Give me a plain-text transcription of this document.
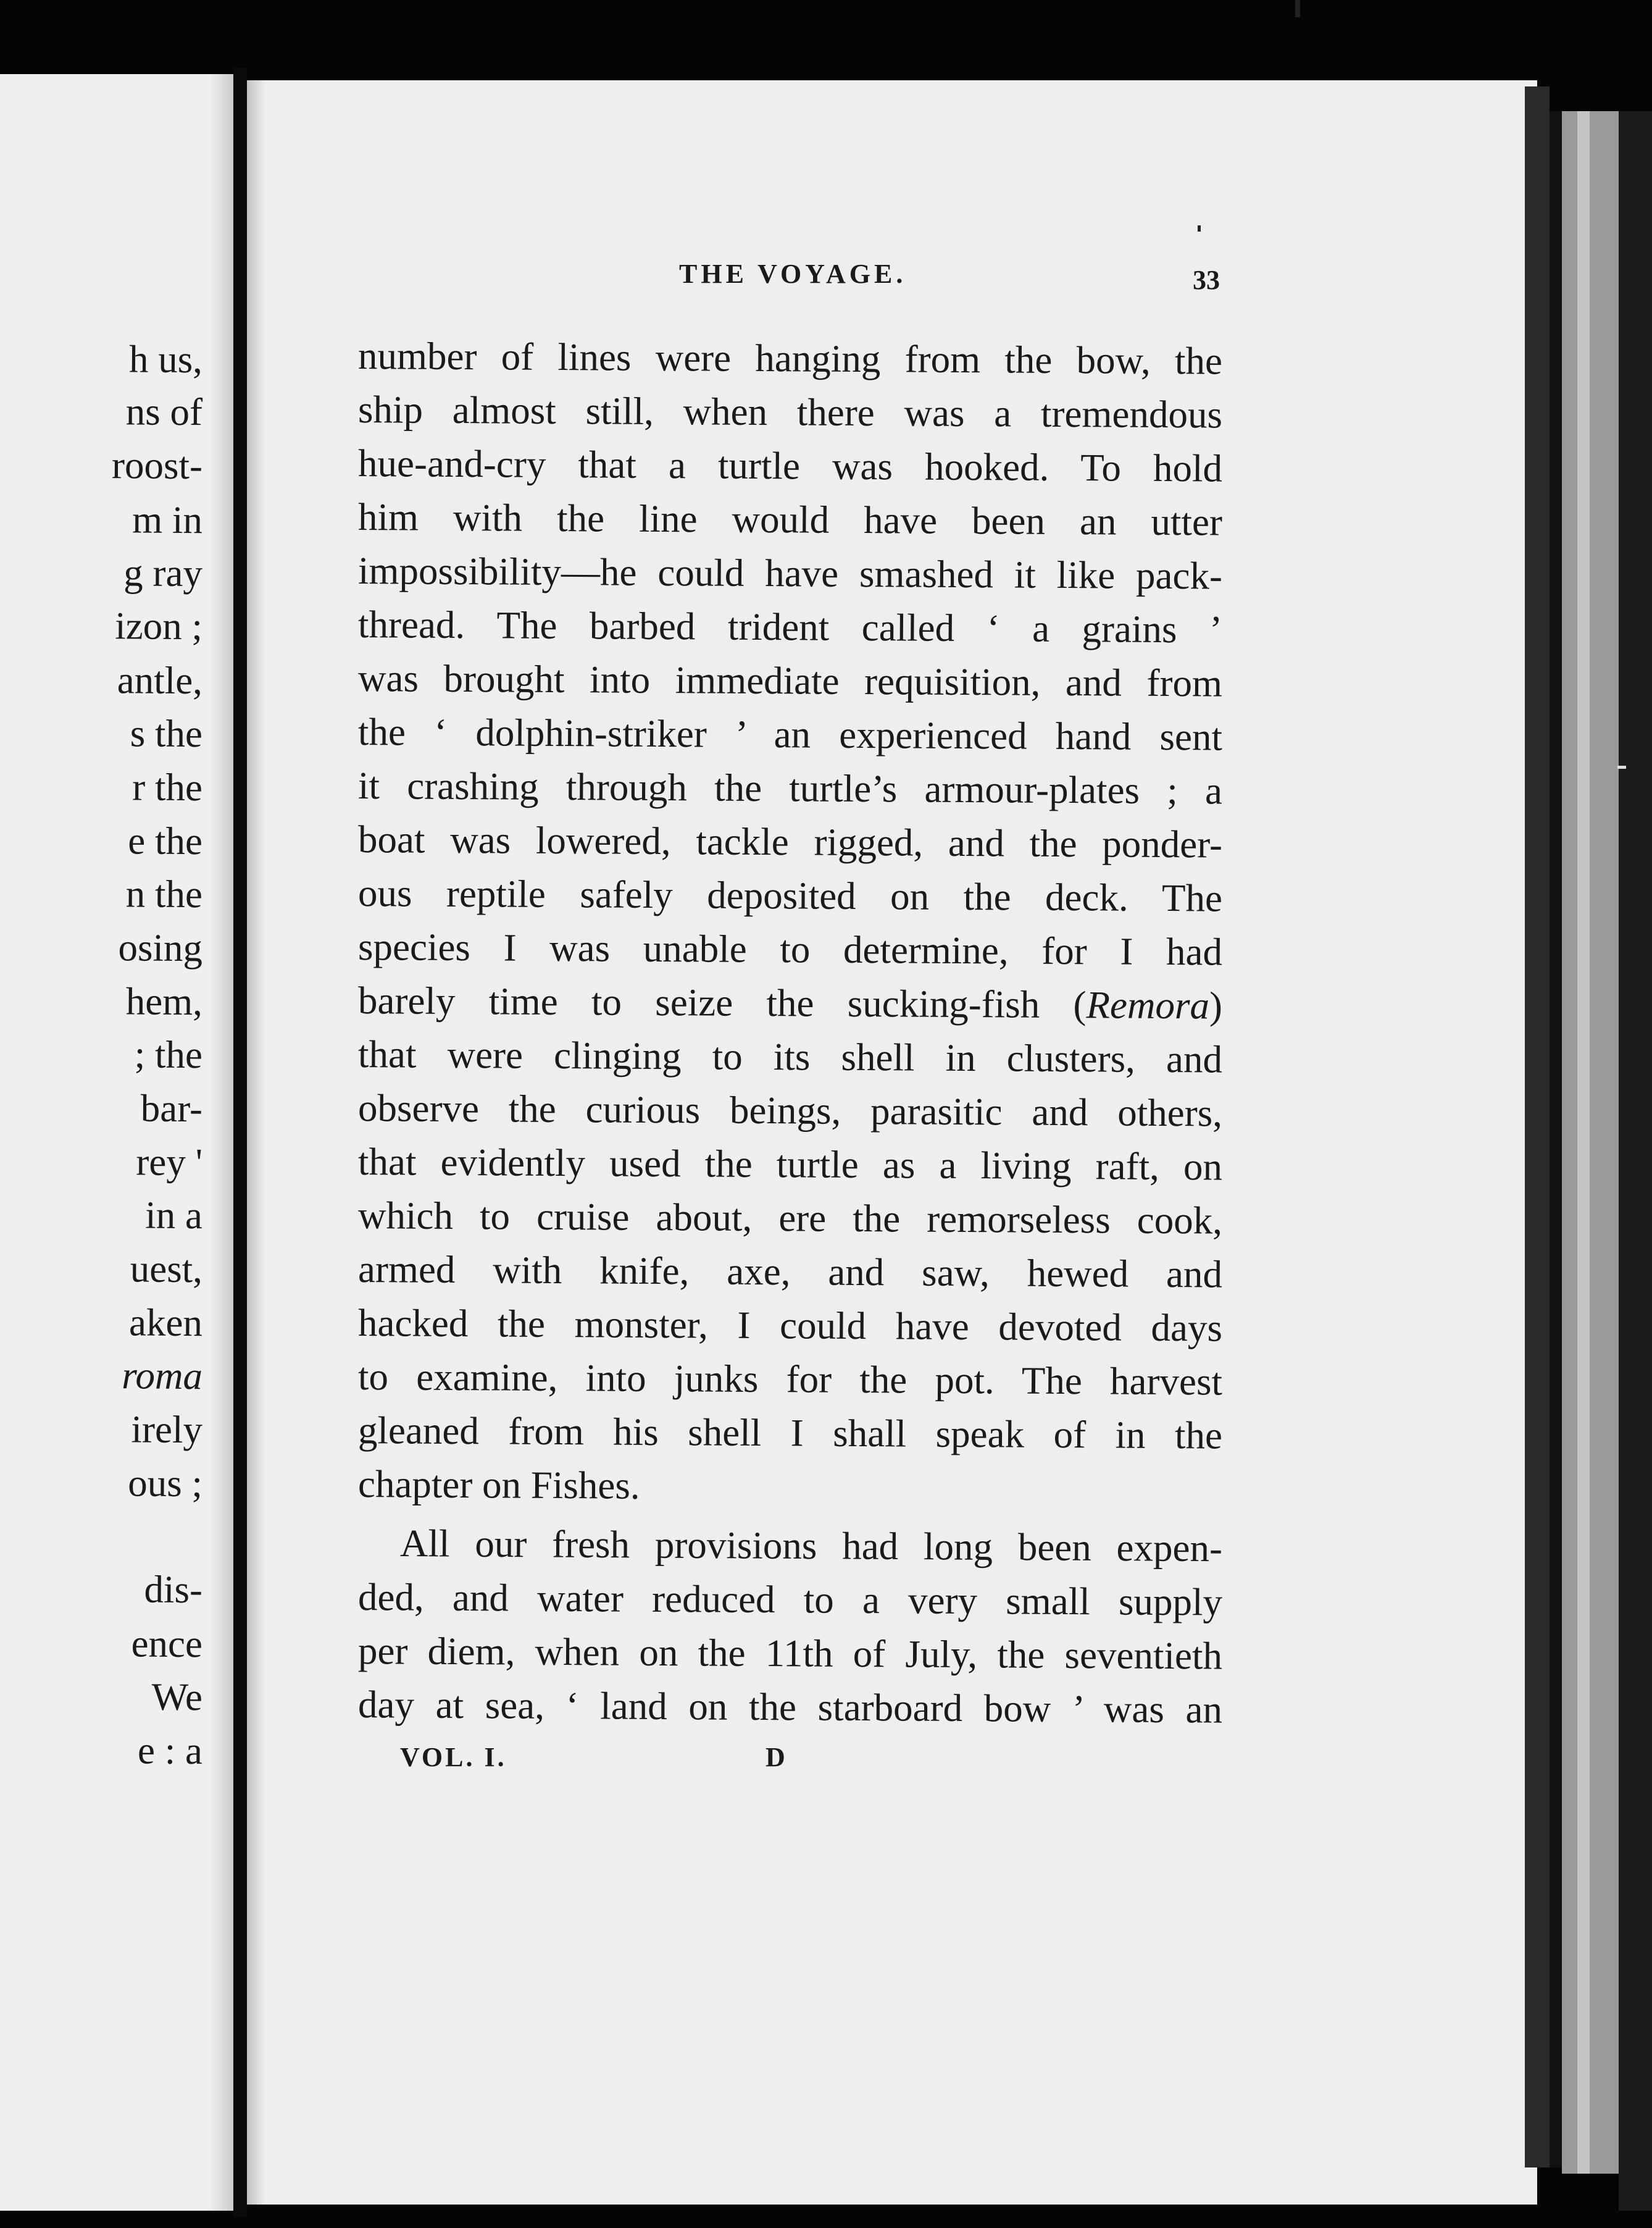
h us,
ns of
roost-
m in
g ray
izon ;
antle,
s the
r the
e the
n the
osing
hem,
; the
bar-
rey '
in a
uest,
aken
roma
irely
ous ;
dis-
ence
We
e : a
THE VOYAGE.	33
number of lines were hanging from the bow, the
ship almost still, when there was a tremendous
hue-and-cry that a turtle was hooked. To hold
him with the line would have been an utter
impossibility—he could have smashed it like pack-
thread. The barbed trident called ‘ a grains ’
was brought into immediate requisition, and from
the ‘ dolphin-striker ’ an experienced hand sent
it crashing through the turtle’s armour-plates ; a
boat was lowered, tackle rigged, and the ponder-
ous reptile safely deposited on the deck. The
species I was unable to determine, for I had
barely time to seize the sucking-fish (Remora)
that were clinging to its shell in clusters, and
observe the curious beings, parasitic and others,
that evidently used the turtle as a living raft, on
which to cruise about, ere the remorseless cook,
armed with knife, axe, and saw, hewed and
hacked the monster, I could have devoted days
to examine, into junks for the pot. The harvest
gleaned from his shell I shall speak of in the
chapter on Fishes.
All our fresh provisions had long been expen-
ded, and water reduced to a very small supply
per diem, when on the 11th of July, the seventieth
day at sea, ‘ land on the starboard bow ’ was an
VOL. I.	D
